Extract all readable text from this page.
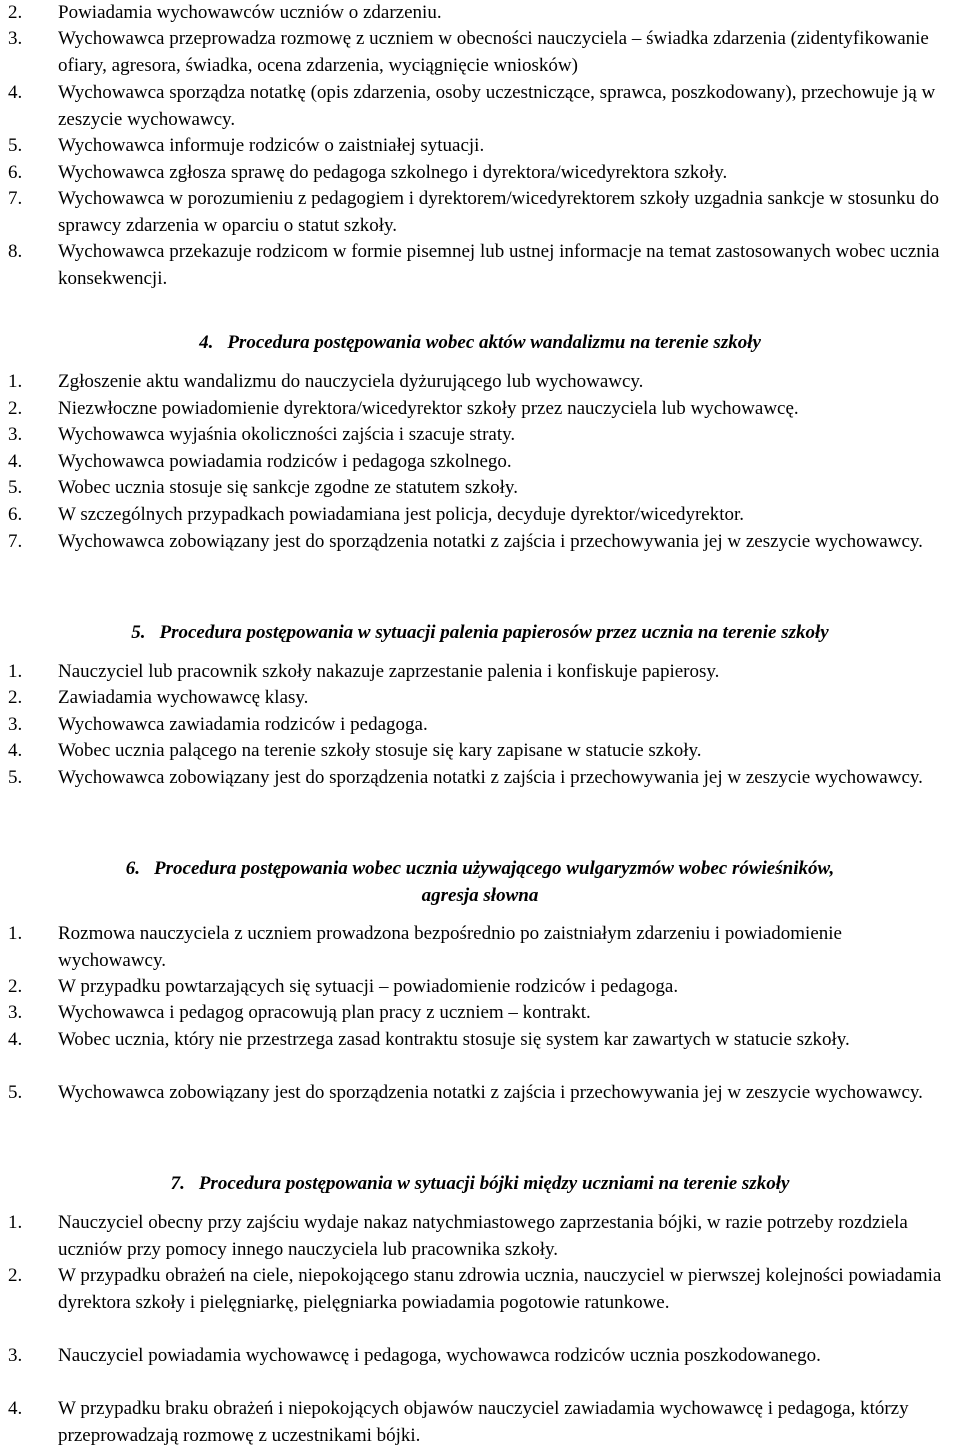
2. Powiadamia wychowawców uczniów o zdarzeniu.
3. Wychowawca przeprowadza rozmowę z uczniem w obecności nauczyciela – świadka zdarzenia (zidentyfikowanie ofiary, agresora, świadka, ocena zdarzenia, wyciągnięcie wniosków)
4. Wychowawca sporządza notatkę (opis zdarzenia, osoby uczestniczące, sprawca, poszkodowany), przechowuje ją w zeszycie wychowawcy.
5. Wychowawca informuje rodziców o zaistniałej sytuacji.
6. Wychowawca zgłosza sprawę do pedagoga szkolnego i dyrektora/wicedyrektora szkoły.
7. Wychowawca w porozumieniu z pedagogiem i dyrektorem/wicedyrektorem szkoły uzgadnia sankcje w stosunku do sprawcy zdarzenia w oparciu o statut szkoły.
8. Wychowawca przekazuje rodzicom w formie pisemnej lub ustnej informacje na temat zastosowanych wobec ucznia konsekwencji.
4. Procedura postępowania wobec aktów wandalizmu na terenie szkoły
1. Zgłoszenie aktu wandalizmu do nauczyciela dyżurującego lub wychowawcy.
2. Niezwłoczne powiadomienie dyrektora/wicedyrektor szkoły przez nauczyciela lub wychowawcę.
3. Wychowawca wyjaśnia okoliczności zajścia i szacuje straty.
4. Wychowawca powiadamia rodziców i pedagoga szkolnego.
5. Wobec ucznia stosuje się sankcje zgodne ze statutem szkoły.
6. W szczególnych przypadkach powiadamiana jest policja, decyduje dyrektor/wicedyrektor.
7. Wychowawca zobowiązany jest do sporządzenia notatki z zajścia i przechowywania jej w zeszycie wychowawcy.
5. Procedura postępowania w sytuacji palenia papierosów przez ucznia na terenie szkoły
1. Nauczyciel lub pracownik szkoły nakazuje zaprzestanie palenia i konfiskuje papierosy.
2. Zawiadamia wychowawcę klasy.
3. Wychowawca zawiadamia rodziców i pedagoga.
4. Wobec ucznia palącego na terenie szkoły stosuje się kary zapisane w statucie szkoły.
5. Wychowawca zobowiązany jest do sporządzenia notatki z zajścia i przechowywania jej w zeszycie wychowawcy.
6. Procedura postępowania wobec ucznia używającego wulgaryzmów wobec rówieśników,
agresja słowna
1. Rozmowa nauczyciela z uczniem prowadzona bezpośrednio po zaistniałym zdarzeniu i powiadomienie wychowawcy.
2. W przypadku powtarzających się sytuacji – powiadomienie rodziców i pedagoga.
3. Wychowawca i pedagog opracowują plan pracy z uczniem – kontrakt.
4. Wobec ucznia, który nie przestrzega zasad kontraktu stosuje się system kar zawartych w statucie szkoły.
5. Wychowawca zobowiązany jest do sporządzenia notatki z zajścia i przechowywania jej w zeszycie wychowawcy.
7. Procedura postępowania w sytuacji bójki między uczniami na terenie szkoły
1. Nauczyciel obecny przy zajściu wydaje nakaz natychmiastowego zaprzestania bójki, w razie potrzeby rozdziela uczniów przy pomocy innego nauczyciela lub pracownika szkoły.
2. W przypadku obrażeń na ciele, niepokojącego stanu zdrowia ucznia, nauczyciel w pierwszej kolejności powiadamia dyrektora szkoły i pielęgniarkę, pielęgniarka powiadamia pogotowie ratunkowe.
3. Nauczyciel powiadamia wychowawcę i pedagoga, wychowawca rodziców ucznia poszkodowanego.
4. W przypadku braku obrażeń i niepokojących objawów nauczyciel zawiadamia wychowawcę i pedagoga, którzy przeprowadzają rozmowę z uczestnikami bójki.
